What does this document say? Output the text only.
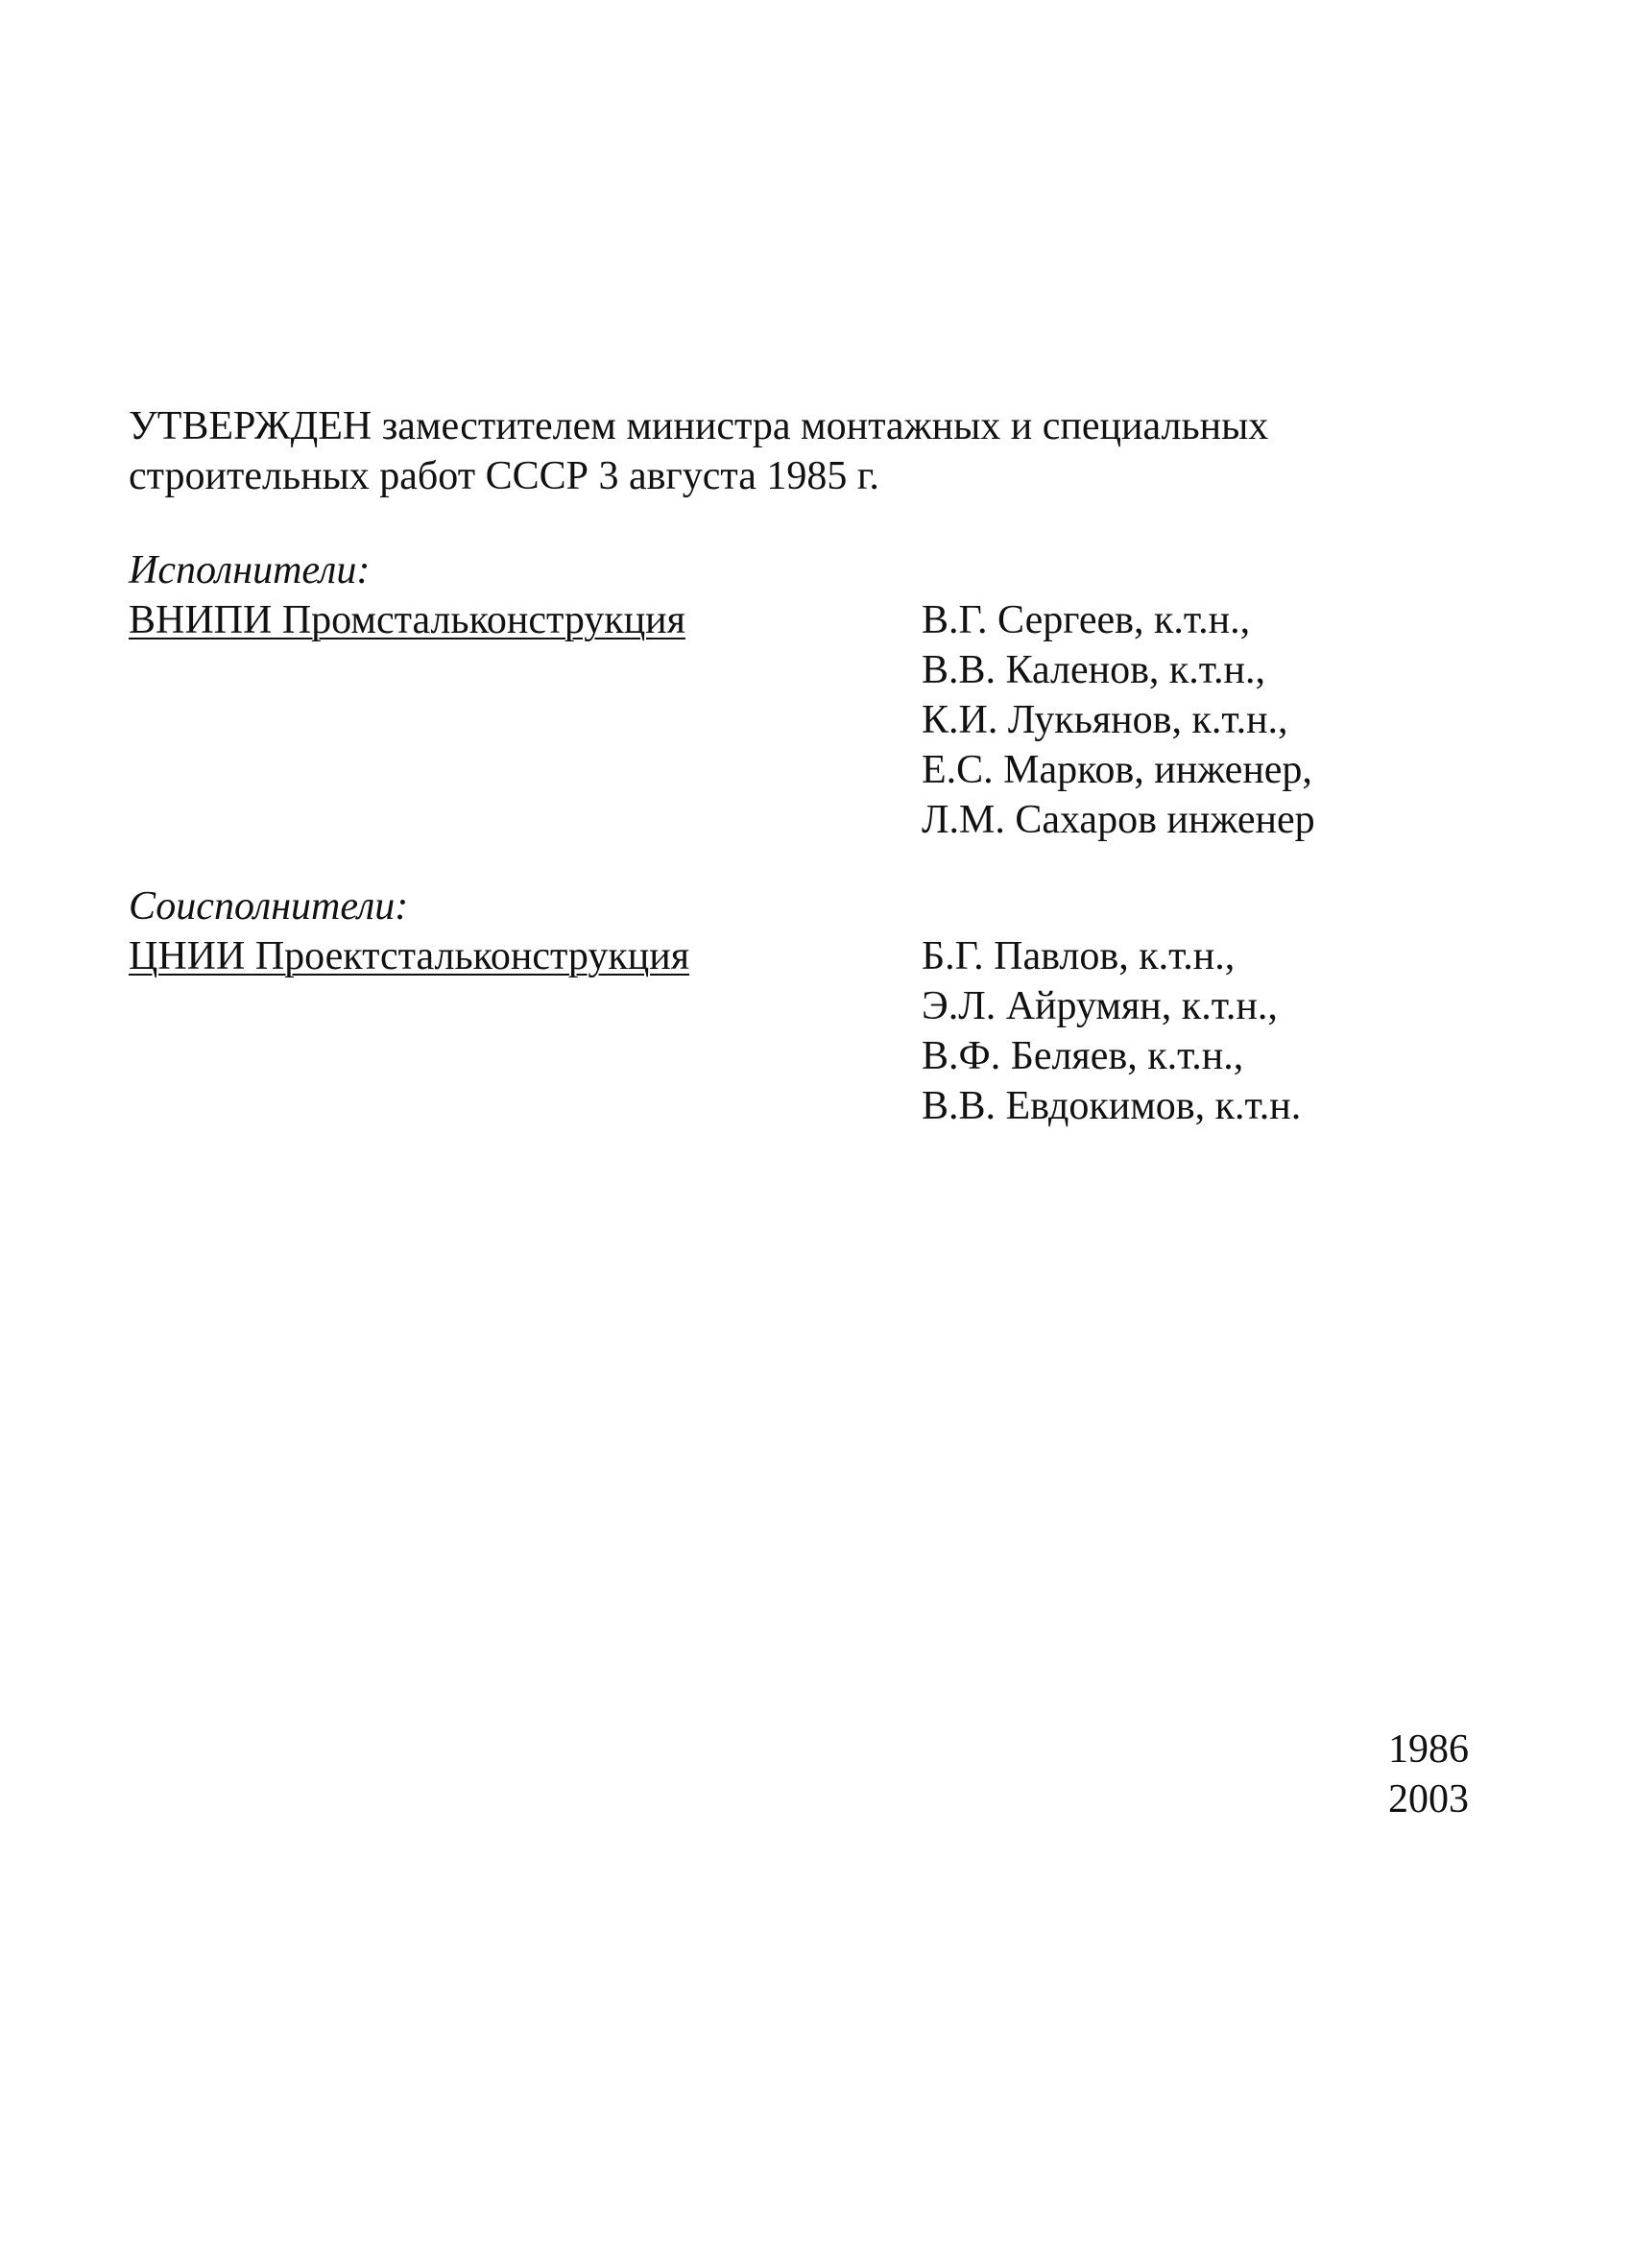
УТВЕРЖДЕН заместителем министра монтажных и специальных
строительных работ СССР 3 августа 1985 г.
Исполнители:
ВНИПИ Промстальконструкция	В.Г. Сергеев, к.т.н.,
В.В. Каленов, к.т.н.,
К.И. Лукьянов, к.т.н.,
Е.С. Марков, инженер,
Л.М. Сахаров инженер
Соисполнители:
ЦНИИ Проектстальконструкция	Б.Г. Павлов, к.т.н.,
Э.Л. Айрумян, к.т.н.,
В.Ф. Беляев, к.т.н.,
В.В. Евдокимов, к.т.н.
1986
2003
